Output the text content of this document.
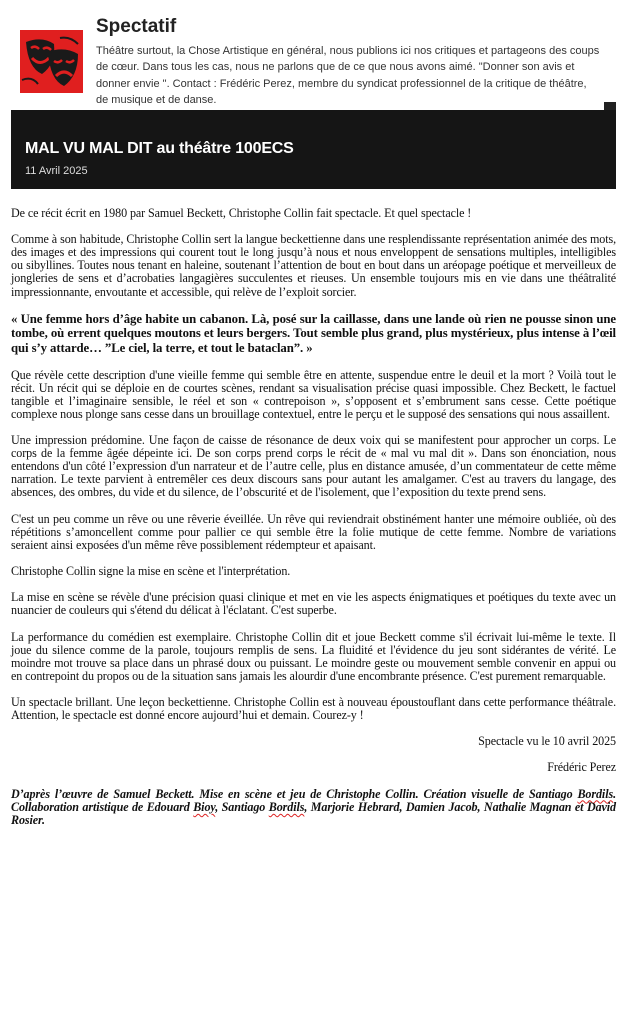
Spectatif
Théâtre surtout, la Chose Artistique en général, nous publions ici nos critiques et partageons des coups de cœur. Dans tous les cas, nous ne parlons que de ce que nous avons aimé. "Donner son avis et donner envie ". Contact : Frédéric Perez, membre du syndicat professionnel de la critique de théâtre, de musique et de danse.
MAL VU MAL DIT au théâtre 100ECS
11 Avril 2025

De ce récit écrit en 1980 par Samuel Beckett, Christophe Collin fait spectacle. Et quel spectacle !

Comme à son habitude, Christophe Collin sert la langue beckettienne dans une resplendissante représentation animée des mots, des images et des impressions qui courent tout le long jusqu’à nous et nous enveloppent de sensations multiples, intelligibles ou sibyllines. Toutes nous tenant en haleine, soutenant l’attention de bout en bout dans un aréopage poétique et merveilleux de jongleries de sens et d’acrobaties langagières succulentes et rieuses. Un ensemble toujours mis en vie dans une théâtralité impressionnante, envoutante et accessible, qui relève de l’exploit sorcier.

« Une femme hors d’âge habite un cabanon. Là, posé sur la caillasse, dans une lande où rien ne pousse sinon une tombe, où errent quelques moutons et leurs bergers. Tout semble plus grand, plus mystérieux, plus intense à l’œil qui s’y attarde… ”Le ciel, la terre, et tout le bataclan”. »

Que révèle cette description d'une vieille femme qui semble être en attente, suspendue entre le deuil et la mort ? Voilà tout le récit. Un récit qui se déploie en de courtes scènes, rendant sa visualisation précise quasi impossible. Chez Beckett, le factuel tangible et l’imaginaire sensible, le réel et son « contrepoison », s’opposent et s’embrument sans cesse. Cette poétique complexe nous plonge sans cesse dans un brouillage contextuel, entre le perçu et le supposé des sensations qui nous assaillent.

Une impression prédomine. Une façon de caisse de résonance de deux voix qui se manifestent pour approcher un corps. Le corps de la femme âgée dépeinte ici. De son corps prend corps le récit de « mal vu mal dit ». Dans son énonciation, nous entendons d'un côté l’expression d'un narrateur et de l’autre celle, plus en distance amusée, d’un commentateur de cette même narration. Le texte parvient à entremêler ces deux discours sans pour autant les amalgamer. C'est au travers du langage, des absences, des ombres, du vide et du silence, de l’obscurité et de l'isolement, que l’exposition du texte prend sens.

C'est un peu comme un rêve ou une rêverie éveillée. Un rêve qui reviendrait obstinément hanter une mémoire oubliée, où des répétitions s’amoncellent comme pour pallier ce qui semble être la folie mutique de cette femme. Nombre de variations seraient ainsi exposées d'un même rêve possiblement rédempteur et apaisant.

Christophe Collin signe la mise en scène et l'interprétation.

La mise en scène se révèle d'une précision quasi clinique et met en vie les aspects énigmatiques et poétiques du texte avec un nuancier de couleurs qui s'étend du délicat à l'éclatant. C'est superbe.

La performance du comédien est exemplaire. Christophe Collin dit et joue Beckett comme s'il écrivait lui-même le texte. Il joue du silence comme de la parole, toujours remplis de sens. La fluidité et l'évidence du jeu sont sidérantes de vérité. Le moindre mot trouve sa place dans un phrasé doux ou puissant. Le moindre geste ou mouvement semble convenir en appui ou en contrepoint du propos ou de la situation sans jamais les alourdir d'une encombrante présence. C'est purement remarquable.

Un spectacle brillant. Une leçon beckettienne. Christophe Collin est à nouveau époustouflant dans cette performance théâtrale. Attention, le spectacle est donné encore aujourd’hui et demain. Courez-y !

Spectacle vu le 10 avril 2025

Frédéric Perez

D’après l’œuvre de Samuel Beckett. Mise en scène et jeu de Christophe Collin. Création visuelle de Santiago Bordils. Collaboration artistique de Edouard Bioy, Santiago Bordils, Marjorie Hebrard, Damien Jacob, Nathalie Magnan et David Rosier.
